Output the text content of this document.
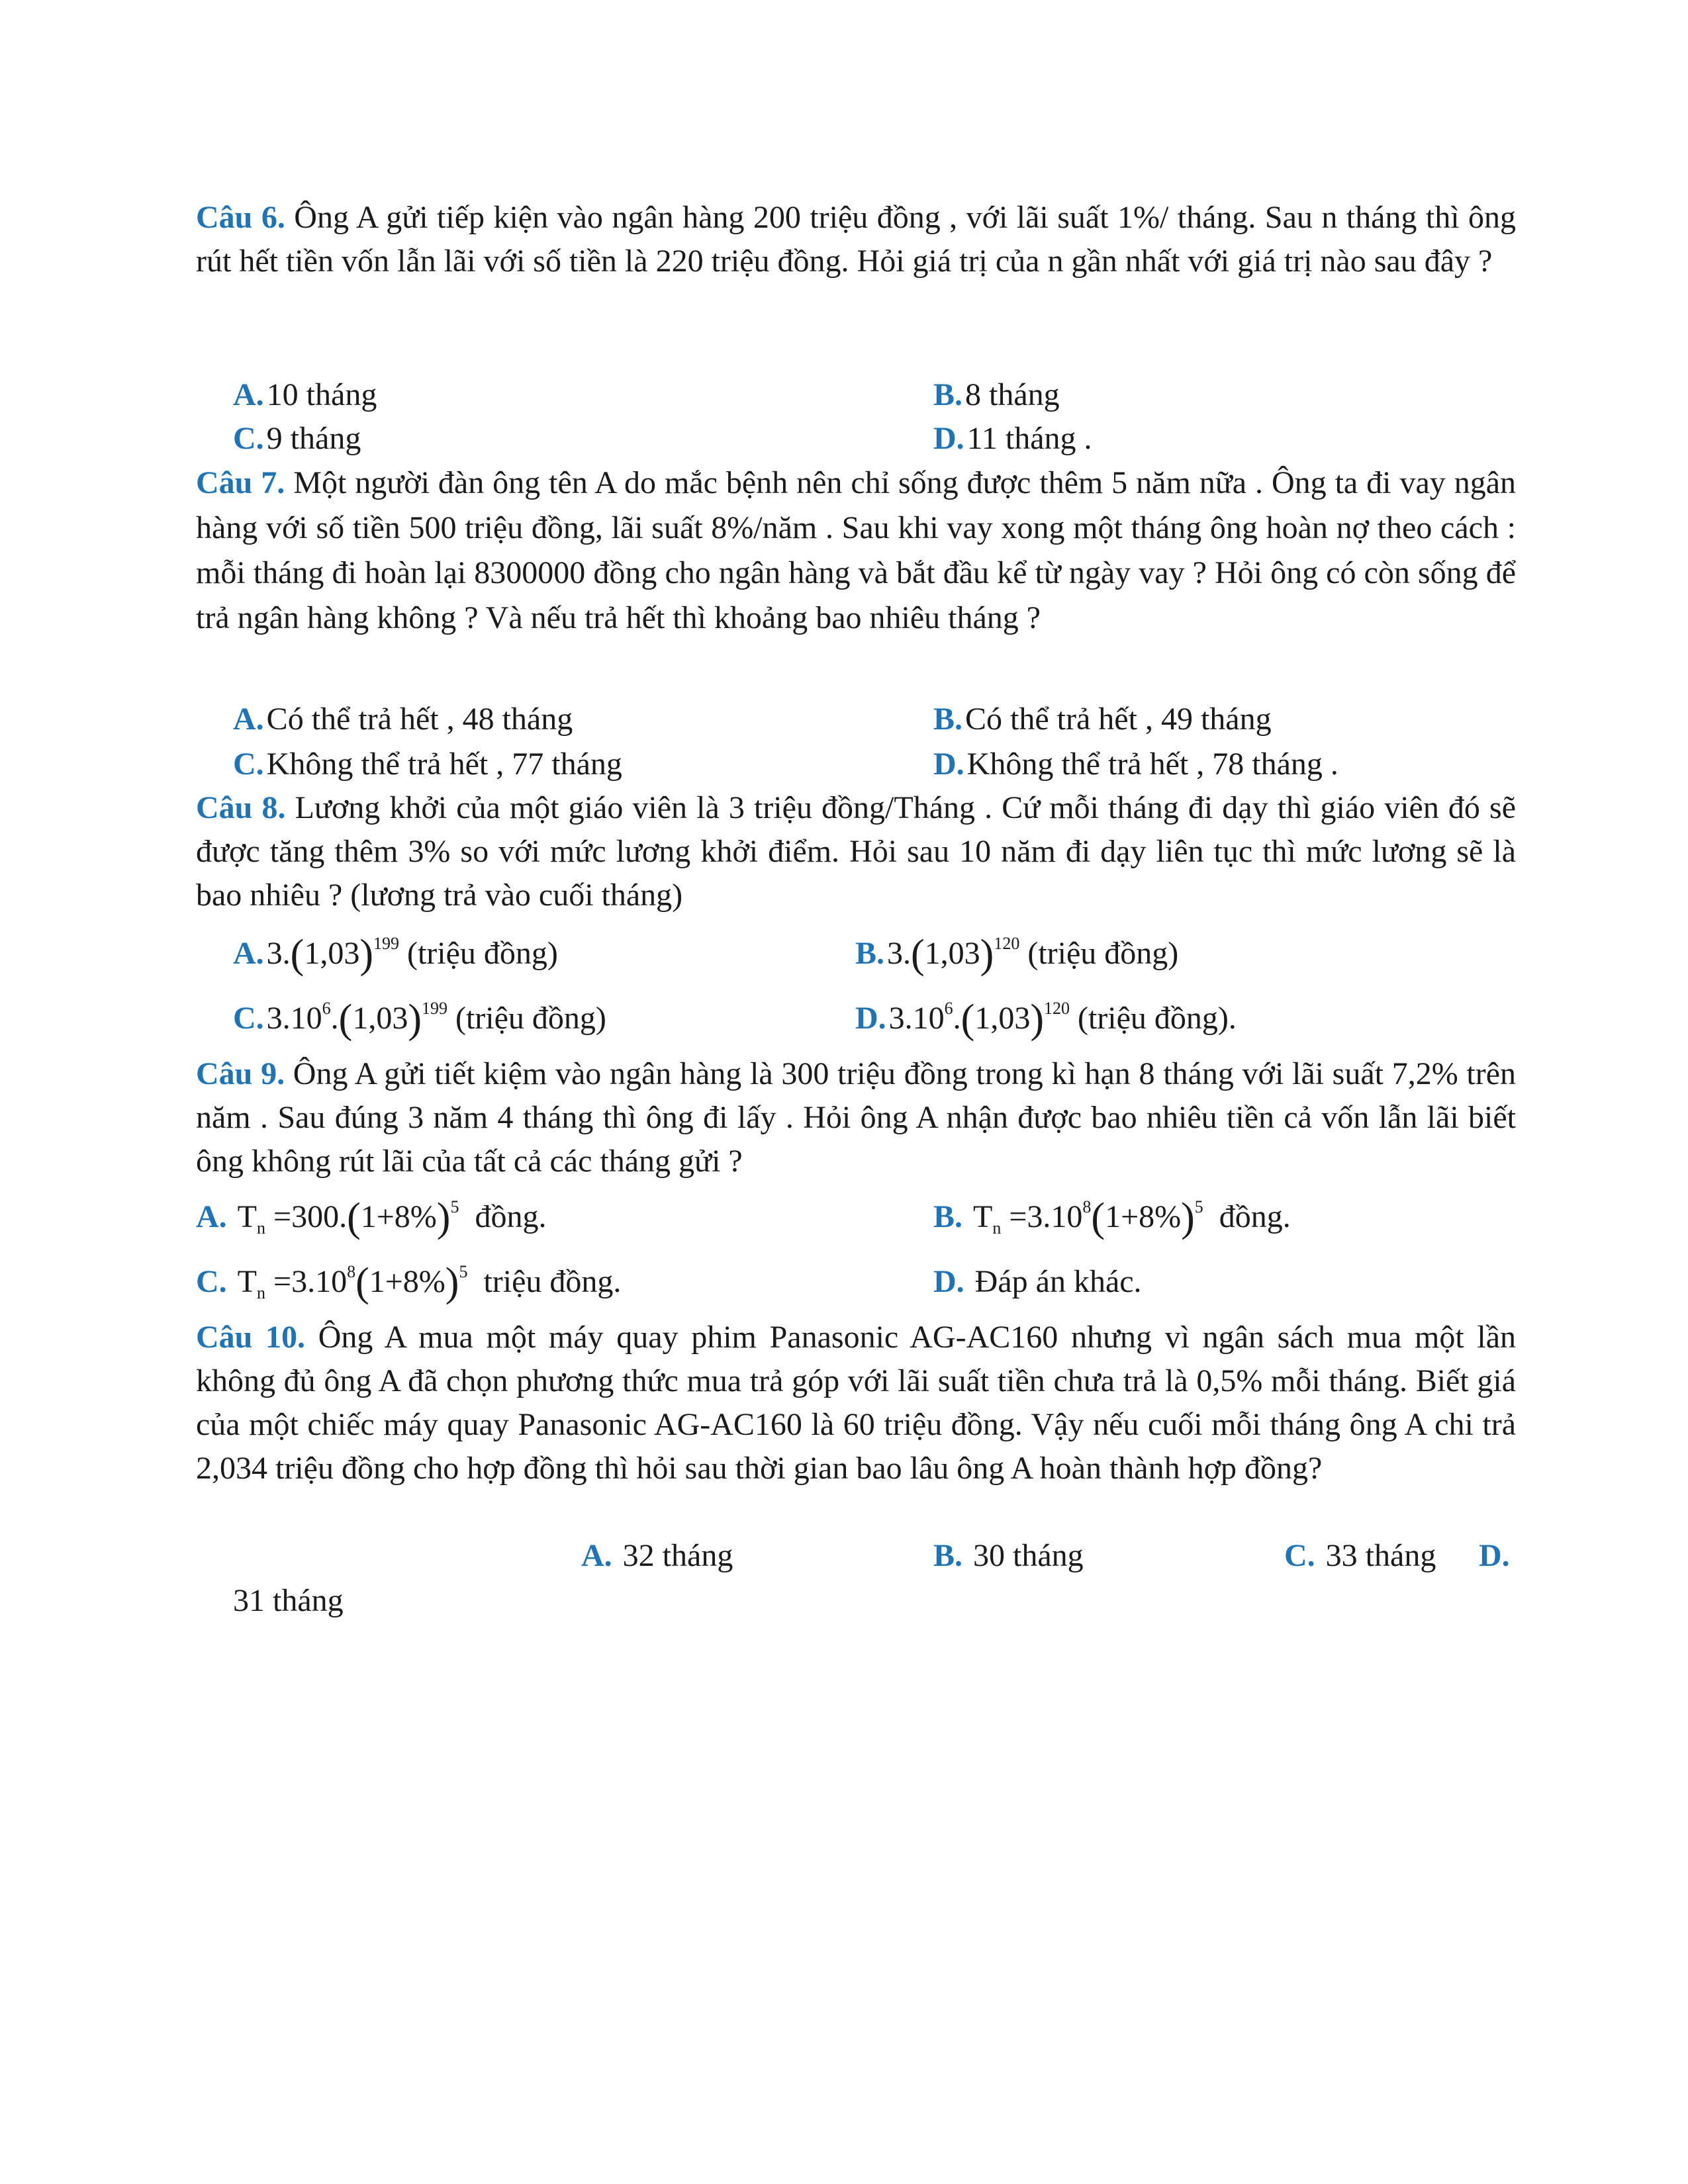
Câu 6. Ông A gửi tiếp kiện vào ngân hàng 200 triệu đồng , với lãi suất 1%/ tháng. Sau n tháng thì ông rút hết tiền vốn lẫn lãi với số tiền là 220 triệu đồng. Hỏi giá trị của n gần nhất với giá trị nào sau đây ?
A.10 tháng	B.8 tháng
C.9 tháng	D.11 tháng .
Câu 7. Một người đàn ông tên A do mắc bệnh nên chỉ sống được thêm 5 năm nữa . Ông ta đi vay ngân hàng với số tiền 500 triệu đồng, lãi suất 8%/năm . Sau khi vay xong một tháng ông hoàn nợ theo cách : mỗi tháng đi hoàn lại 8300000 đồng cho ngân hàng và bắt đầu kể từ ngày vay ? Hỏi ông có còn sống để trả ngân hàng không ? Và nếu trả hết thì khoảng bao nhiêu tháng ?
A.Có thể trả hết , 48 tháng	B.Có thể trả hết , 49 tháng
C.Không thể trả hết , 77 tháng	D.Không thể trả hết , 78 tháng .
Câu 8. Lương khởi của một giáo viên là 3 triệu đồng/Tháng . Cứ mỗi tháng đi dạy thì giáo viên đó sẽ được tăng thêm 3% so với mức lương khởi điểm. Hỏi sau 10 năm đi dạy liên tục thì mức lương sẽ là bao nhiêu ? (lương trả vào cuối tháng)
$A.3.(1,03)^{199}$ (triệu đồng)	$B.3.(1,03)^{120}$ (triệu đồng)
$C.3.10^6.(1,03)^{199}$ (triệu đồng)	$D.3.10^6.(1,03)^{120}$ (triệu đồng).
Câu 9. Ông A gửi tiết kiệm vào ngân hàng là 300 triệu đồng trong kì hạn 8 tháng với lãi suất 7,2% trên năm . Sau đúng 3 năm 4 tháng thì ông đi lấy . Hỏi ông A nhận được bao nhiêu tiền cả vốn lẫn lãi biết ông không rút lãi của tất cả các tháng gửi ?
A. $T_n =300.(1+8\%)^5$ đồng.	B. $T_n =3.10^8(1+8\%)^5$ đồng.
C. $T_n =3.10^8(1+8\%)^5$ triệu đồng.	D. Đáp án khác.
Câu 10. Ông A mua một máy quay phim Panasonic AG-AC160 nhưng vì ngân sách mua một lần không đủ ông A đã chọn phương thức mua trả góp với lãi suất tiền chưa trả là 0,5% mỗi tháng. Biết giá của một chiếc máy quay Panasonic AG-AC160 là 60 triệu đồng. Vậy nếu cuối mỗi tháng ông A chi trả 2,034 triệu đồng cho hợp đồng thì hỏi sau thời gian bao lâu ông A hoàn thành hợp đồng?
A. 32 tháng	B. 30 tháng	C. 33 tháng D.
31 tháng
